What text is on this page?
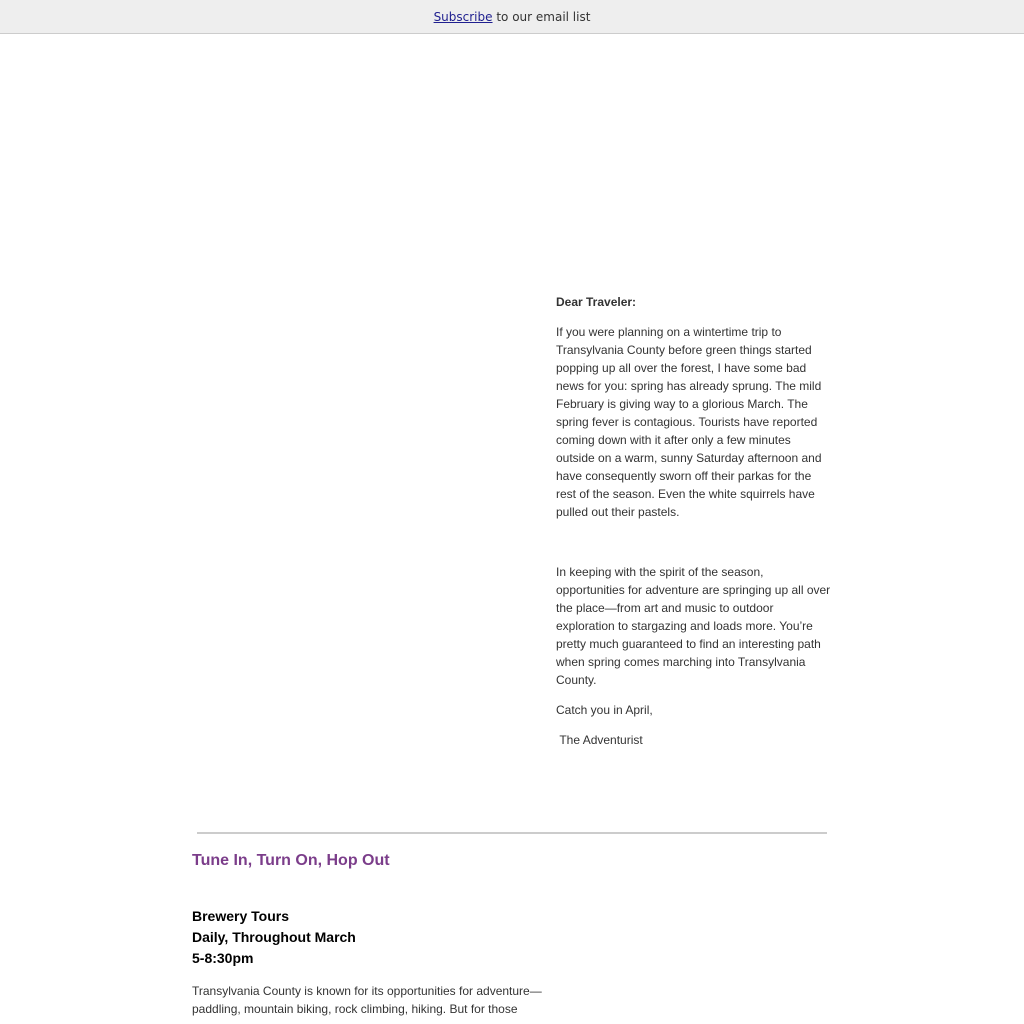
Subscribe to our email list

Dear Traveler:

If you were planning on a wintertime trip to Transylvania County before green things started popping up all over the forest, I have some bad news for you: spring has already sprung. The mild February is giving way to a glorious March. The spring fever is contagious. Tourists have reported coming down with it after only a few minutes outside on a warm, sunny Saturday afternoon and have consequently sworn off their parkas for the rest of the season. Even the white squirrels have pulled out their pastels.

In keeping with the spirit of the season, opportunities for adventure are springing up all over the place—from art and music to outdoor exploration to stargazing and loads more. You’re pretty much guaranteed to find an interesting path when spring comes marching into Transylvania County.

Catch you in April,

The Adventurist

Tune In, Turn On, Hop Out
Brewery Tours
Daily, Throughout March
5-8:30pm
Transylvania County is known for its opportunities for adventure—paddling, mountain biking, rock climbing, hiking. But for those
